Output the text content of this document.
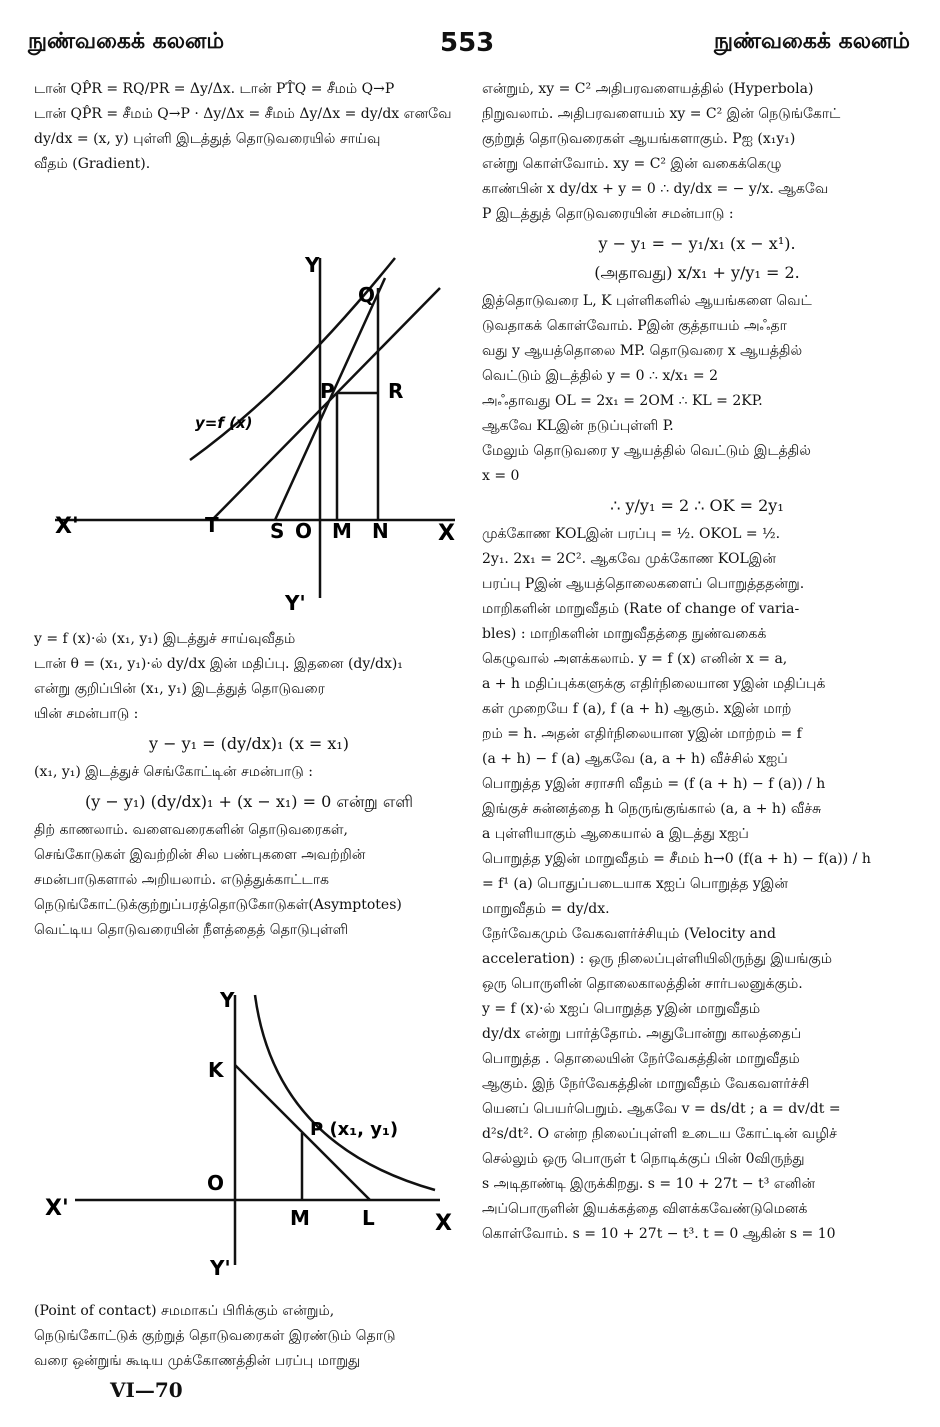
நுண்வகைக் கலனம்	553	நுண்வகைக் கலனம்

டான் QP̂R = RQ/PR = Δy/Δx. டான் PT̂Q = சீமம் Q→P

டான் QP̂R = சீமம் Q→P · Δy/Δx = சீமம் Δy/Δx = dy/dx எனவே

dy/dx = (x, y) புள்ளி இடத்துத் தொடுவரையில் சாய்வு

வீதம் (Gradient).

Y
Q
P	R
y=f (x)
X'	T	S O M N X
Y'

y = f (x)·ல் (x₁, y₁) இடத்துச் சாய்வுவீதம்

டான் θ = (x₁, y₁)·ல் dy/dx இன் மதிப்பு. இதனை (dy/dx)₁

என்று குறிப்பின் (x₁, y₁) இடத்துத் தொடுவரை

யின் சமன்பாடு :

y − y₁ = (dy/dx)₁ (x = x₁)

(x₁, y₁) இடத்துச் செங்கோட்டின் சமன்பாடு :

(y − y₁) (dy/dx)₁ + (x − x₁) = 0 என்று எளி

திற் காணலாம். வளைவரைகளின் தொடுவரைகள்,

செங்கோடுகள் இவற்றின் சில பண்புகளை அவற்றின்

சமன்பாடுகளால் அறியலாம். எடுத்துக்காட்டாக

நெடுங்கோட்டுக்குற்றுப்பரத்தொடுகோடுகள்(Asymptotes)

வெட்டிய தொடுவரையின் நீளத்தைத் தொடுபுள்ளி

Y
K
P (x₁, y₁)
O
X'	M	L	X
Y'

(Point of contact) சமமாகப் பிரிக்கும் என்றும்,

நெடுங்கோட்டுக் குற்றுத் தொடுவரைகள் இரண்டும் தொடு

வரை ஒன்றுங் கூடிய முக்கோணத்தின் பரப்பு மாறுது

VI—70

என்றும், xy = C² அதிபரவளையத்தில் (Hyperbola)

நிறுவலாம். அதிபரவளையம் xy = C² இன் நெடுங்கோட்

குற்றுத் தொடுவரைகள் ஆயங்களாகும். Pஐ (x₁y₁)

என்று கொள்வோம். xy = C² இன் வகைக்கெழு

காண்பின் x dy/dx + y = 0 ∴ dy/dx = − y/x. ஆகவே

P இடத்துத் தொடுவரையின் சமன்பாடு :

y − y₁ = − y₁/x₁ (x − x¹).
(அதாவது) x/x₁ + y/y₁ = 2.

இத்தொடுவரை L, K புள்ளிகளில் ஆயங்களை வெட்

டுவதாகக் கொள்வோம். Pஇன் குத்தாயம் அஃதா

வது y ஆயத்தொலை MP. தொடுவரை x ஆயத்தில்

வெட்டும் இடத்தில் y = 0 ∴ x/x₁ = 2

அஃதாவது OL = 2x₁ = 2OM ∴ KL = 2KP.

ஆகவே KLஇன் நடுப்புள்ளி P.

மேலும் தொடுவரை y ஆயத்தில் வெட்டும் இடத்தில்

x = 0

∴ y/y₁ = 2 ∴ OK = 2y₁

முக்கோண KOLஇன் பரப்பு = ½. OKOL = ½.

2y₁. 2x₁ = 2C². ஆகவே முக்கோண KOLஇன்

பரப்பு Pஇன் ஆயத்தொலைகளைப் பொறுத்ததன்று.

மாறிகளின் மாறுவீதம் (Rate of change of varia-

bles) : மாறிகளின் மாறுவீதத்தை நுண்வகைக்

கெழுவால் அளக்கலாம். y = f (x) எனின் x = a,

a + h மதிப்புக்களுக்கு எதிர்நிலையான yஇன் மதிப்புக்

கள் முறையே f (a), f (a + h) ஆகும். xஇன் மாற்

றம் = h. அதன் எதிர்நிலையான yஇன் மாற்றம் = f

(a + h) − f (a) ஆகவே (a, a + h) வீச்சில் xஐப்

பொறுத்த yஇன் சராசரி வீதம் = (f (a + h) − f (a)) / h

இங்குச் சுன்னத்தை h நெருங்குங்கால் (a, a + h) வீச்சு

a புள்ளியாகும் ஆகையால் a இடத்து xஐப்

பொறுத்த yஇன் மாறுவீதம் = சீமம் h→0 (f(a + h) − f(a)) / h

= f¹ (a) பொதுப்படையாக xஐப் பொறுத்த yஇன்

மாறுவீதம் = dy/dx.

நேர்வேகமும் வேகவளர்ச்சியும் (Velocity and

acceleration) : ஒரு நிலைப்புள்ளியிலிருந்து இயங்கும்

ஒரு பொருளின் தொலைகாலத்தின் சார்பலனுக்கும்.

y = f (x)·ல் xஐப் பொறுத்த yஇன் மாறுவீதம்

dy/dx என்று பார்த்தோம். அதுபோன்று காலத்தைப்

பொறுத்த . தொலையின் நேர்வேகத்தின் மாறுவீதம்

ஆகும். இந் நேர்வேகத்தின் மாறுவீதம் வேகவளர்ச்சி

யெனப் பெயர்பெறும். ஆகவே v = ds/dt ; a = dv/dt =

d²s/dt². O என்ற நிலைப்புள்ளி உடைய கோட்டின் வழிச்

செல்லும் ஒரு பொருள் t நொடிக்குப் பின் 0விருந்து

s அடிதாண்டி இருக்கிறது. s = 10 + 27t − t³ எனின்

அப்பொருளின் இயக்கத்தை விளக்கவேண்டுமெனக்

கொள்வோம். s = 10 + 27t − t³. t = 0 ஆகின் s = 10
